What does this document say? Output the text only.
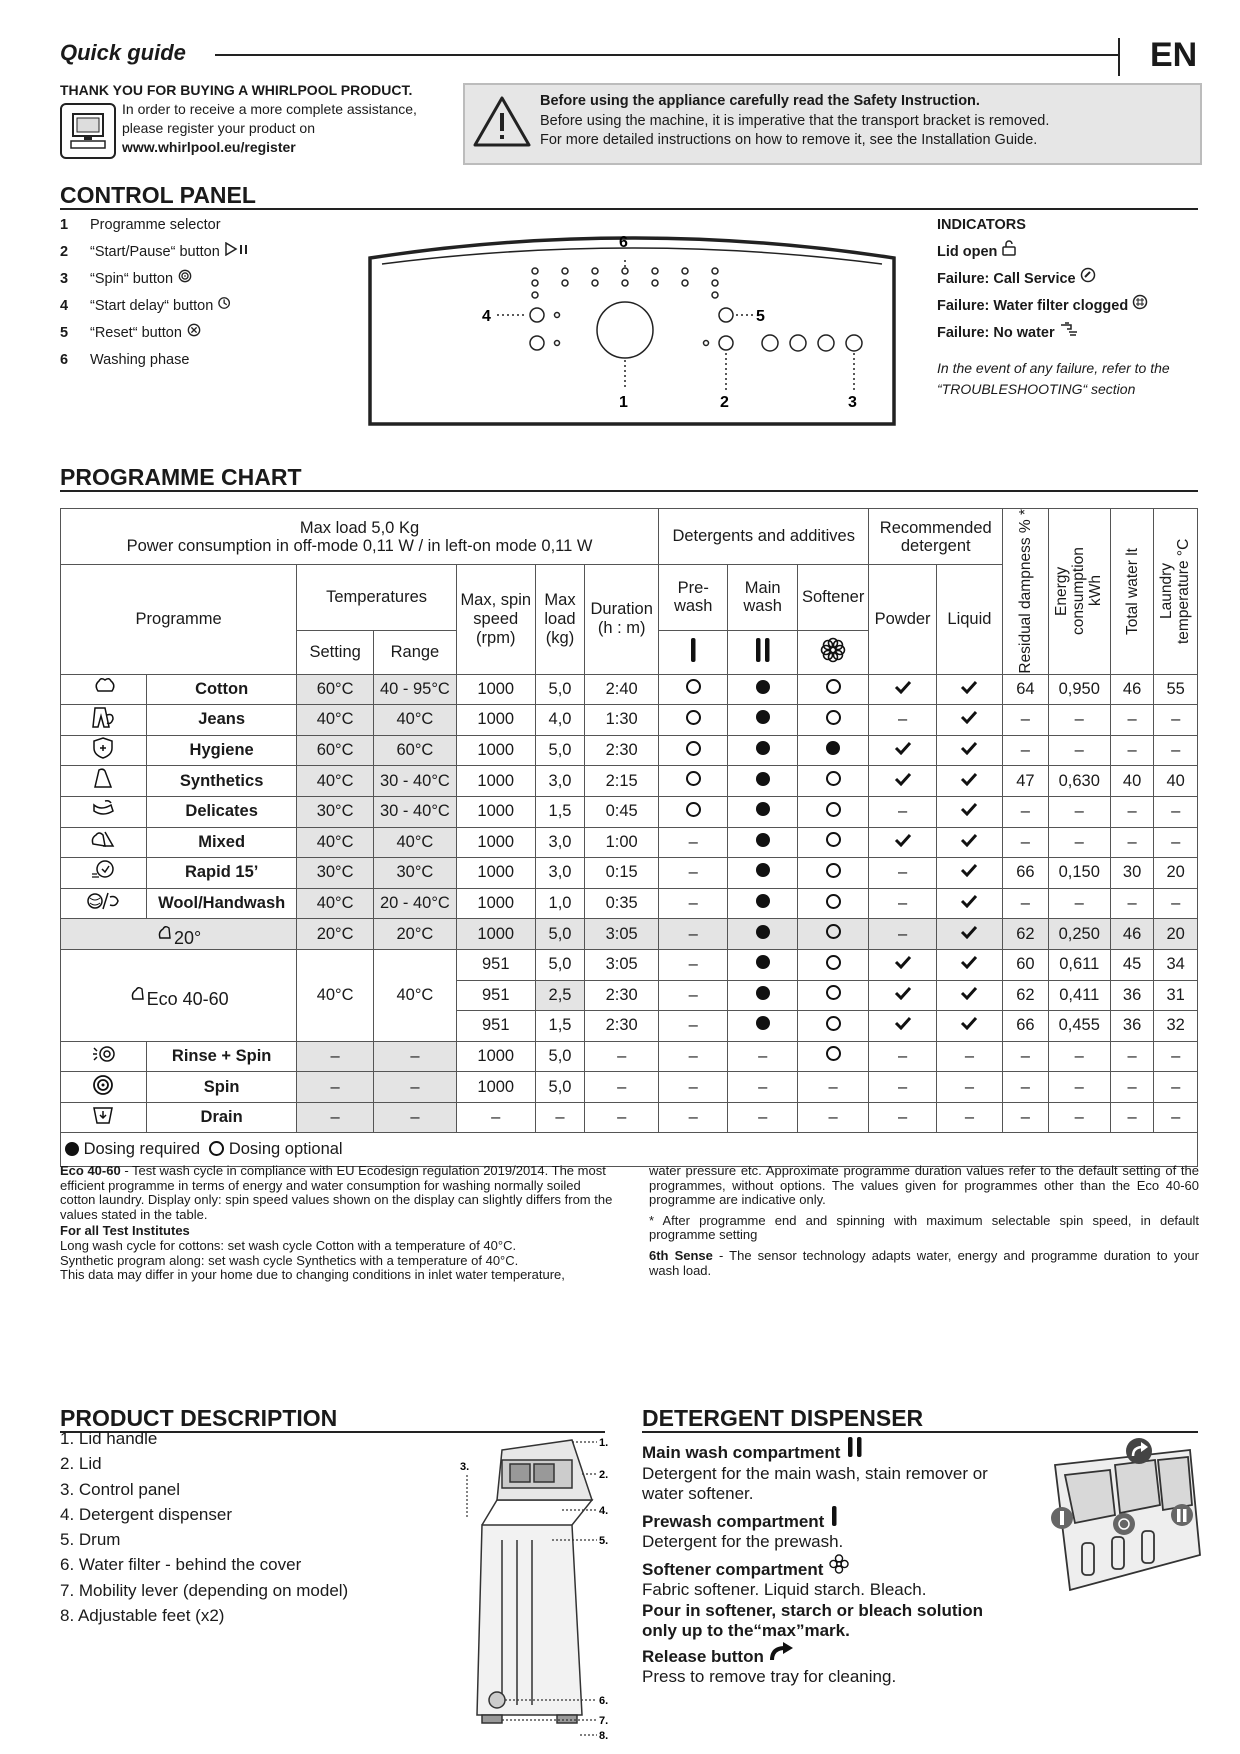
Quick guide	EN
THANK YOU FOR BUYING A WHIRLPOOL PRODUCT.
In order to receive a more complete assistance,
please register your product on
www.whirlpool.eu/register
Before using the appliance carefully read the Safety Instruction.
Before using the machine, it is imperative that the transport bracket is removed.
For more detailed instructions on how to remove it, see the Installation Guide.
CONTROL PANEL
1 Programme selector
2 “Start/Pause“ button
3 “Spin“ button
4 “Start delay“ button
5 “Reset“ button
6 Washing phase
6
4	5
1	2	3
INDICATORS
Lid open
Failure: Call Service
Failure: Water filter clogged
Failure: No water
In the event of any failure, refer to the “TROUBLESHOOTING“ section
PROGRAMME CHART
Max load 5,0 Kg
Power consumption in off-mode 0,11 W / in left-on mode 0,11 W							Detergents and additives			Recommended detergent		Residual dampness % *	Energy consumption kWh	Total water lt	Laundry temperature °C

Programme		Temperatures		Max, spin speed (rpm)	Max load (kg)	Duration (h : m)	Pre-wash	Main wash	Softener	Powder	Liquid				
		Setting	Range			
	Cotton	60°C	40 - 95°C	1000	5,0	2:40						64	0,950	46	55
	Jeans	40°C	40°C	1000	4,0	1:30				–		–	–	–	–
	Hygiene	60°C	60°C	1000	5,0	2:30						–	–	–	–
	Synthetics	40°C	30 - 40°C	1000	3,0	2:15						47	0,630	40	40
	Delicates	30°C	30 - 40°C	1000	1,5	0:45				–		–	–	–	–
	Mixed	40°C	40°C	1000	3,0	1:00	–					–	–	–	–
	Rapid 15’	30°C	30°C	1000	3,0	0:15	–			–		66	0,150	30	20
	Wool/Handwash	40°C	20 - 40°C	1000	1,0	0:35	–			–		–	–	–	–
20°		20°C	20°C	1000	5,0	3:05	–			–		62	0,250	46	20
Eco 40-60		40°C	40°C	951	5,0	3:05	–					60	0,611	45	34
				951	2,5	2:30	–					62	0,411	36	31
				951	1,5	2:30	–					66	0,455	36	32
	Rinse + Spin	–	–	1000	5,0	–	–	–		–	–	–	–	–	–
	Spin	–	–	1000	5,0	–	–	–	–	–	–	–	–	–	–
	Drain	–	–	–	–	–	–	–	–	–	–	–	–	–	–
Dosing required Dosing optional															
Eco 40-60 - Test wash cycle in compliance with EU Ecodesign regulation 2019/2014. The most efficient programme in terms of energy and water consumption for washing normally soiled cotton laundry. Display only: spin speed values shown on the display can slightly differs from the values stated in the table.
For all Test Institutes
Long wash cycle for cottons: set wash cycle Cotton with a temperature of 40°C.
Synthetic program along: set wash cycle Synthetics with a temperature of 40°C.
This data may differ in your home due to changing conditions in inlet water temperature,
water pressure etc. Approximate programme duration values refer to the default setting of the programmes, without options. The values given for programmes other than the Eco 40-60 programme are indicative only.
* After programme end and spinning with maximum selectable spin speed, in default programme setting
6th Sense - The sensor technology adapts water, energy and programme duration to your wash load.
PRODUCT DESCRIPTION
1. Lid handle
2. Lid
3. Control panel
4. Detergent dispenser
5. Drum
6. Water filter - behind the cover
7. Mobility lever (depending on model)
8. Adjustable feet (x2)
1.
2.
3.
4.
5.
6.
7.
8.
DETERGENT DISPENSER
Main wash compartment
Detergent for the main wash, stain remover or water softener.
Prewash compartment
Detergent for the prewash.
Softener compartment
Fabric softener. Liquid starch. Bleach.
Pour in softener, starch or bleach solution only up to the“max”mark.
Release button
Press to remove tray for cleaning.
